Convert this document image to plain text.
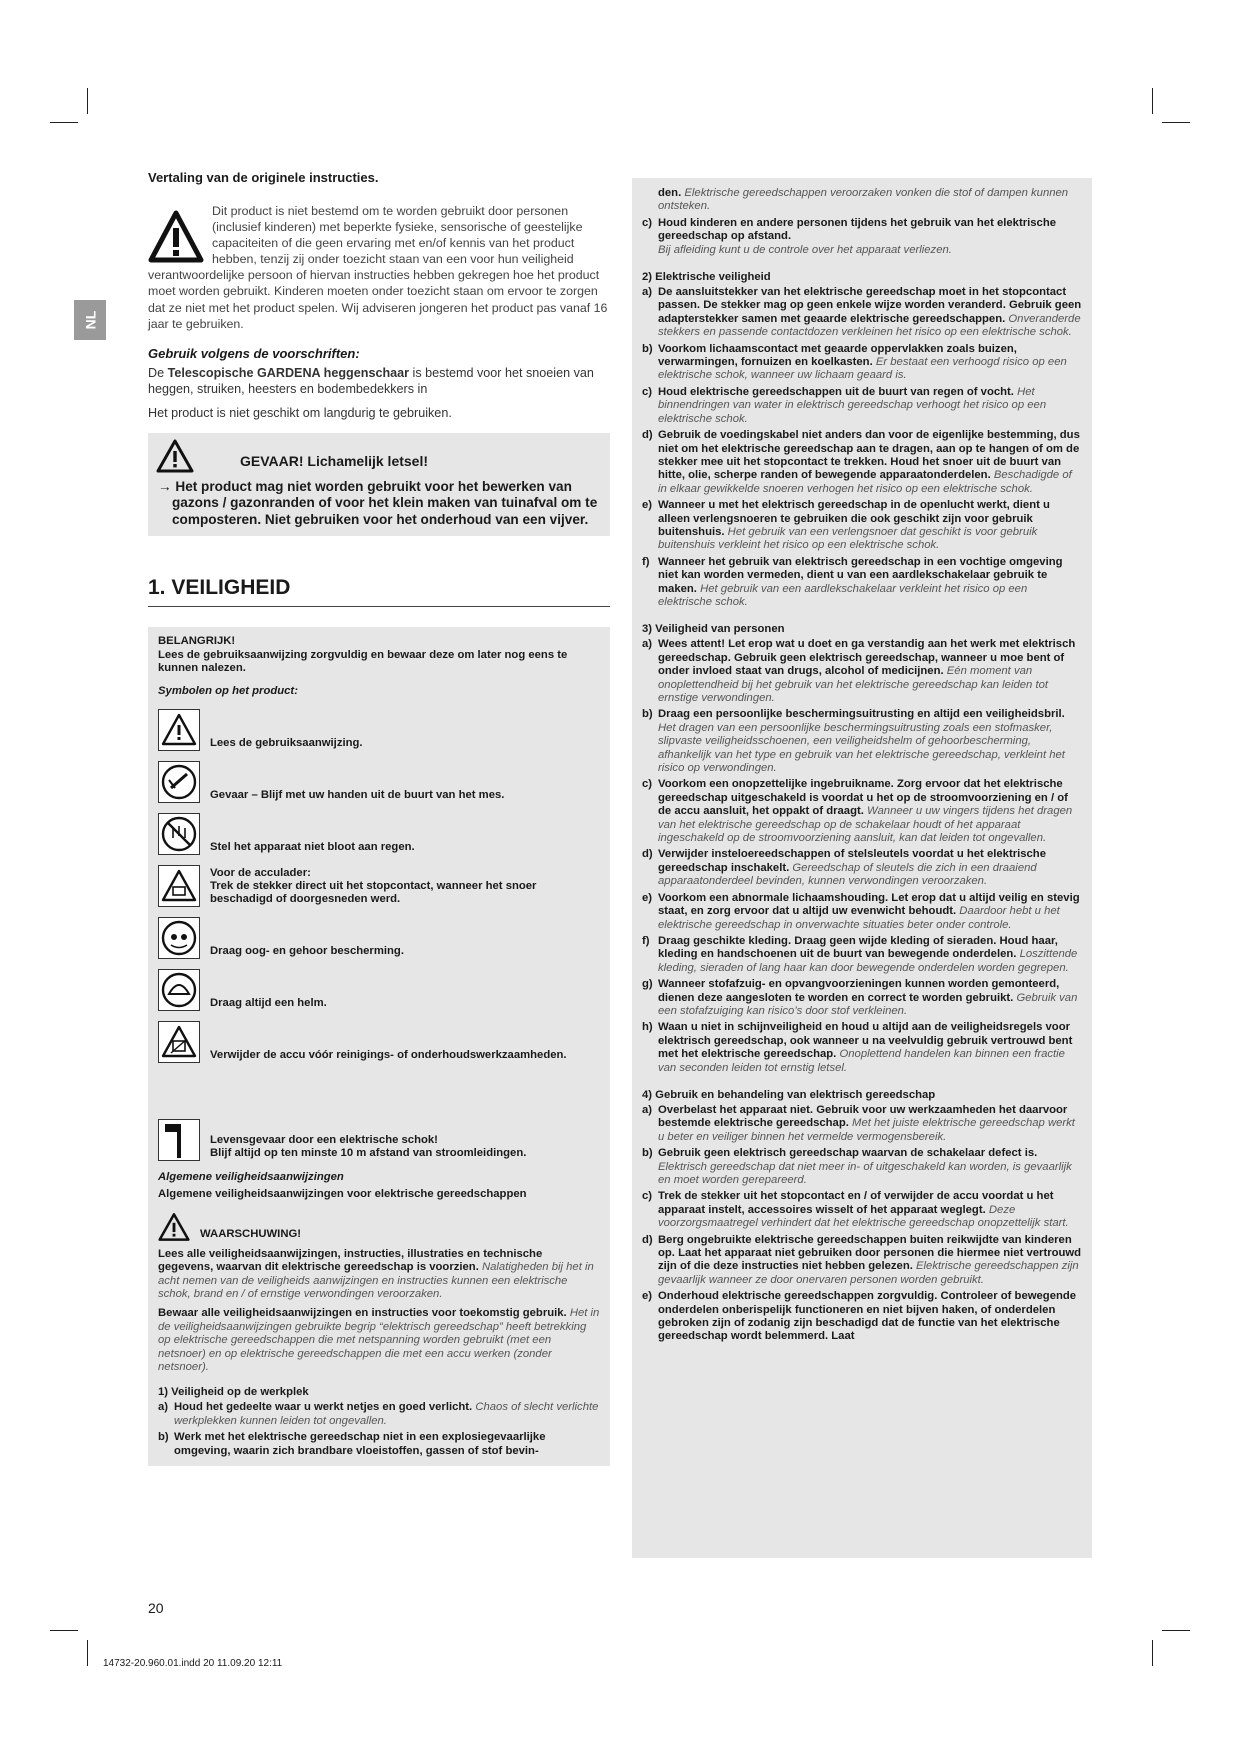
NL
Vertaling van de originele instructies.
Dit product is niet bestemd om te worden gebruikt door personen (inclusief kinderen) met beperkte fysieke, sensorische of geestelijke capaciteiten of die geen ervaring met en/of kennis van het product hebben, tenzij zij onder toezicht staan van een voor hun veiligheid verantwoordelijke persoon of hiervan instructies hebben gekregen hoe het product moet worden gebruikt. Kinderen moeten onder toezicht staan om ervoor te zorgen dat ze niet met het product spelen. Wij adviseren jongeren het product pas vanaf 16 jaar te gebruiken.
Gebruik volgens de voorschriften:
De Telescopische GARDENA heggenschaar is bestemd voor het snoeien van heggen, struiken, heesters en bodembedekkers in
Het product is niet geschikt om langdurig te gebruiken.
GEVAAR! Lichamelijk letsel!
→ Het product mag niet worden gebruikt voor het bewerken van gazons / gazonranden of voor het klein maken van tuinafval om te composteren. Niet gebruiken voor het onderhoud van een vijver.
1. VEILIGHEID
BELANGRIJK!
Lees de gebruiksaanwijzing zorgvuldig en bewaar deze om later nog eens te kunnen nalezen.
Symbolen op het product:
Lees de gebruiksaanwijzing.
Gevaar – Blijf met uw handen uit de buurt van het mes.
Stel het apparaat niet bloot aan regen.
Voor de acculader:
Trek de stekker direct uit het stopcontact, wanneer het snoer beschadigd of doorgesneden werd.
Draag oog- en gehoor bescherming.
Draag altijd een helm.
Verwijder de accu vóór reinigings- of onderhoudswerkzaamheden.
Levensgevaar door een elektrische schok!
Blijf altijd op ten minste 10 m afstand van stroomleidingen.
Algemene veiligheidsaanwijzingen
Algemene veiligheidsaanwijzingen voor elektrische gereedschappen
WAARSCHUWING!
Lees alle veiligheidsaanwijzingen, instructies, illustraties en technische gegevens, waarvan dit elektrische gereedschap is voorzien. Nalatigheden bij het in acht nemen van de veiligheids aanwijzingen en instructies kunnen een elektrische schok, brand en / of ernstige verwondingen veroorzaken.
Bewaar alle veiligheidsaanwijzingen en instructies voor toekomstig gebruik. Het in de veiligheidsaanwijzingen gebruikte begrip “elektrisch gereedschap” heeft betrekking op elektrische gereedschappen die met netspanning worden gebruikt (met een netsnoer) en op elektrische gereedschappen die met een accu werken (zonder netsnoer).
1) Veiligheid op de werkplek
a) Houd het gedeelte waar u werkt netjes en goed verlicht. Chaos of slecht verlichte werkplekken kunnen leiden tot ongevallen.
b) Werk met het elektrische gereedschap niet in een explosiegevaarlijke omgeving, waarin zich brandbare vloeistoffen, gassen of stof bevin-
den. Elektrische gereedschappen veroorzaken vonken die stof of dampen kunnen ontsteken.
c) Houd kinderen en andere personen tijdens het gebruik van het elektrische gereedschap op afstand.
Bij afleiding kunt u de controle over het apparaat verliezen.
2) Elektrische veiligheid
a) De aansluitstekker van het elektrische gereedschap moet in het stopcontact passen. De stekker mag op geen enkele wijze worden veranderd. Gebruik geen adapterstekker samen met geaarde elektrische gereedschappen. Onveranderde stekkers en passende contactdozen verkleinen het risico op een elektrische schok.
b) Voorkom lichaamscontact met geaarde oppervlakken zoals buizen, verwarmingen, fornuizen en koelkasten. Er bestaat een verhoogd risico op een elektrische schok, wanneer uw lichaam geaard is.
c) Houd elektrische gereedschappen uit de buurt van regen of vocht. Het binnendringen van water in elektrisch gereedschap verhoogt het risico op een elektrische schok.
d) Gebruik de voedingskabel niet anders dan voor de eigenlijke bestemming, dus niet om het elektrische gereedschap aan te dragen, aan op te hangen of om de stekker mee uit het stopcontact te trekken. Houd het snoer uit de buurt van hitte, olie, scherpe randen of bewegende apparaatonderdelen. Beschadigde of in elkaar gewikkelde snoeren verhogen het risico op een elektrische schok.
e) Wanneer u met het elektrisch gereedschap in de openlucht werkt, dient u alleen verlengsnoeren te gebruiken die ook geschikt zijn voor gebruik buitenshuis. Het gebruik van een verlengsnoer dat geschikt is voor gebruik buitenshuis verkleint het risico op een elektrische schok.
f) Wanneer het gebruik van elektrisch gereedschap in een vochtige omgeving niet kan worden vermeden, dient u van een aardlekschakelaar gebruik te maken. Het gebruik van een aardlekschakelaar verkleint het risico op een elektrische schok.
3) Veiligheid van personen
a) Wees attent! Let erop wat u doet en ga verstandig aan het werk met elektrisch gereedschap. Gebruik geen elektrisch gereedschap, wanneer u moe bent of onder invloed staat van drugs, alcohol of medicijnen. Eén moment van onoplettendheid bij het gebruik van het elektrische gereedschap kan leiden tot ernstige verwondingen.
b) Draag een persoonlijke beschermingsuitrusting en altijd een veiligheidsbril. Het dragen van een persoonlijke beschermingsuitrusting zoals een stofmasker, slipvaste veiligheidsschoenen, een veiligheidshelm of gehoorbescherming, afhankelijk van het type en gebruik van het elektrische gereedschap, verkleint het risico op verwondingen.
c) Voorkom een onopzettelijke ingebruikname. Zorg ervoor dat het elektrische gereedschap uitgeschakeld is voordat u het op de stroomvoorziening en / of de accu aansluit, het oppakt of draagt. Wanneer u uw vingers tijdens het dragen van het elektrische gereedschap op de schakelaar houdt of het apparaat ingeschakeld op de stroomvoorziening aansluit, kan dat leiden tot ongevallen.
d) Verwijder insteloereedschappen of stelsleutels voordat u het elektrische gereedschap inschakelt. Gereedschap of sleutels die zich in een draaiend apparaatonderdeel bevinden, kunnen verwondingen veroorzaken.
e) Voorkom een abnormale lichaamshouding. Let erop dat u altijd veilig en stevig staat, en zorg ervoor dat u altijd uw evenwicht behoudt. Daardoor hebt u het elektrische gereedschap in onverwachte situaties beter onder controle.
f) Draag geschikte kleding. Draag geen wijde kleding of sieraden. Houd haar, kleding en handschoenen uit de buurt van bewegende onderdelen. Loszittende kleding, sieraden of lang haar kan door bewegende onderdelen worden gegrepen.
g) Wanneer stofafzuig- en opvangvoorzieningen kunnen worden gemonteerd, dienen deze aangesloten te worden en correct te worden gebruikt. Gebruik van een stofafzuiging kan risico’s door stof verkleinen.
h) Waan u niet in schijnveiligheid en houd u altijd aan de veiligheidsregels voor elektrisch gereedschap, ook wanneer u na veelvuldig gebruik vertrouwd bent met het elektrische gereedschap. Onoplettend handelen kan binnen een fractie van seconden leiden tot ernstig letsel.
4) Gebruik en behandeling van elektrisch gereedschap
a) Overbelast het apparaat niet. Gebruik voor uw werkzaamheden het daarvoor bestemde elektrische gereedschap. Met het juiste elektrische gereedschap werkt u beter en veiliger binnen het vermelde vermogensbereik.
b) Gebruik geen elektrisch gereedschap waarvan de schakelaar defect is. Elektrisch gereedschap dat niet meer in- of uitgeschakeld kan worden, is gevaarlijk en moet worden gerepareerd.
c) Trek de stekker uit het stopcontact en / of verwijder de accu voordat u het apparaat instelt, accessoires wisselt of het apparaat weglegt. Deze voorzorgsmaatregel verhindert dat het elektrische gereedschap onopzettelijk start.
d) Berg ongebruikte elektrische gereedschappen buiten reikwijdte van kinderen op. Laat het apparaat niet gebruiken door personen die hiermee niet vertrouwd zijn of die deze instructies niet hebben gelezen. Elektrische gereedschappen zijn gevaarlijk wanneer ze door onervaren personen worden gebruikt.
e) Onderhoud elektrische gereedschappen zorgvuldig. Controleer of bewegende onderdelen onberispelijk functioneren en niet bijven haken, of onderdelen gebroken zijn of zodanig zijn beschadigd dat de functie van het elektrische gereedschap wordt belemmerd. Laat
20
14732-20.960.01.indd 20 11.09.20 12:11
